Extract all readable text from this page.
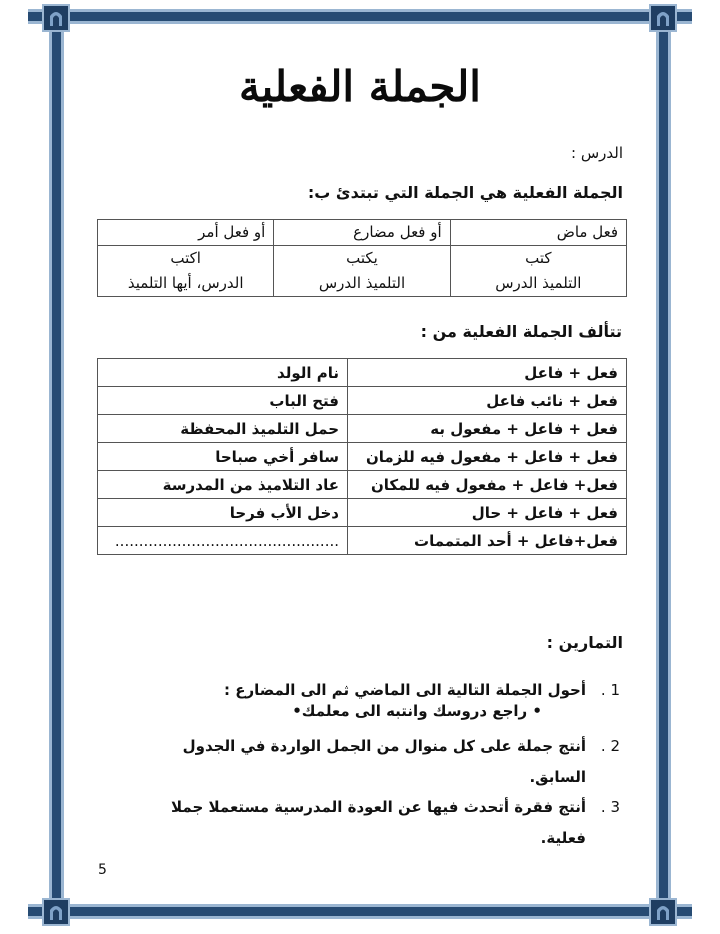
الجملة الفعلية
الدرس :
الجملة الفعلية هي الجملة التي تبتدئ ب:
فعل ماض	أو فعل مضارع	أو فعل أمر
كتب	يكتب	اكتب
التلميذ الدرس	التلميذ الدرس	الدرس، أيها التلميذ
تتألف الجملة الفعلية من :
فعل + فاعل	نام الولد
فعل + نائب فاعل	فتح الباب
فعل + فاعل + مفعول به	حمل التلميذ المحفظة
فعل + فاعل + مفعول فيه للزمان	سافر أخي صباحا
فعل+ فاعل + مفعول فيه للمكان	عاد التلاميذ من المدرسة
فعل + فاعل + حال	دخل الأب فرحا
فعل+فاعل + أحد المتممات	...............................................
التمارين :
1 .أحول الجملة التالية الى الماضي ثم الى المضارع :
• راجع دروسك وانتبه الى معلمك•
2 .أنتج جملة على كل منوال من الجمل الواردة في الجدول
السابق.
3 .أنتج فقرة أتحدث فيها عن العودة المدرسية مستعملا جملا
فعلية.
5
